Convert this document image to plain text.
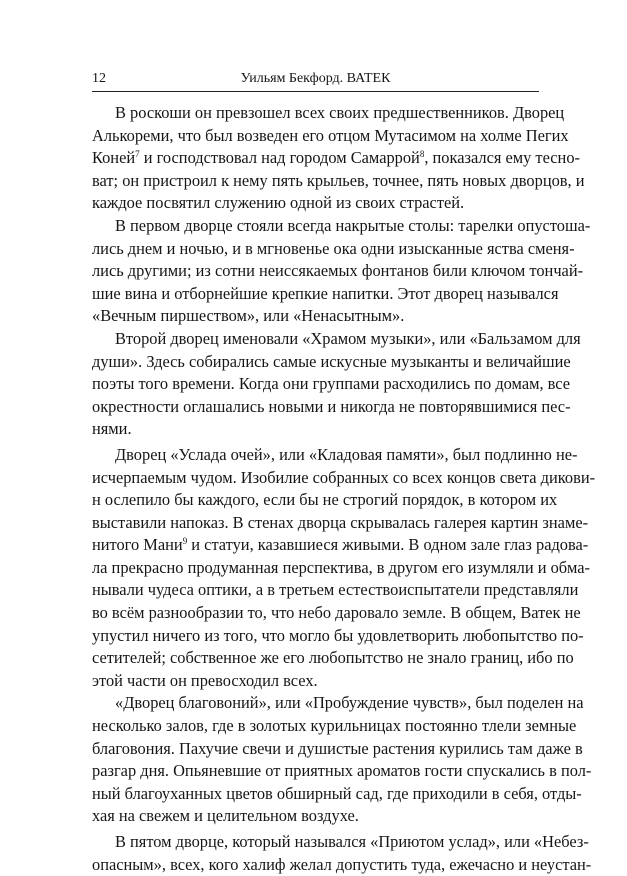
12	Уильям Бекфорд. ВАТЕК
В роскоши он превзошел всех своих предшественников. Дворец
Алькореми, что был возведен его отцом Мутасимом на холме Пегих
Коней$^7$ и господствовал над городом Самаррой$^8$, показался ему тесно-
ват; он пристроил к нему пять крыльев, точнее, пять новых дворцов, и
каждое посвятил служению одной из своих страстей.
В первом дворце стояли всегда накрытые столы: тарелки опустоша-
лись днем и ночью, и в мгновенье ока одни изысканные яства сменя-
лись другими; из сотни неиссякаемых фонтанов били ключом тончай-
шие вина и отборнейшие крепкие напитки. Этот дворец назывался
«Вечным пиршеством», или «Ненасытным».
Второй дворец именовали «Храмом музыки», или «Бальзамом для
души». Здесь собирались самые искусные музыканты и величайшие
поэты того времени. Когда они группами расходились по домам, все
окрестности оглашались новыми и никогда не повторявшимися пес-
нями.
Дворец «Услада очей», или «Кладовая памяти», был подлинно не-
исчерпаемым чудом. Изобилие собранных со всех концов света дикови-
н ослепило бы каждого, если бы не строгий порядок, в котором их
выставили напоказ. В стенах дворца скрывалась галерея картин знаме-
нитого Мани$^9$ и статуи, казавшиеся живыми. В одном зале глаз радова-
ла прекрасно продуманная перспектива, в другом его изумляли и обма-
нывали чудеса оптики, а в третьем естествоиспытатели представляли
во всём разнообразии то, что небо даровало земле. В общем, Ватек не
упустил ничего из того, что могло бы удовлетворить любопытство по-
сетителей; собственное же его любопытство не знало границ, ибо по
этой части он превосходил всех.
«Дворец благовоний», или «Пробуждение чувств», был поделен на
несколько залов, где в золотых курильницах постоянно тлели земные
благовония. Пахучие свечи и душистые растения курились там даже в
разгар дня. Опьяневшие от приятных ароматов гости спускались в пол-
ный благоуханных цветов обширный сад, где приходили в себя, отды-
хая на свежем и целительном воздухе.
В пятом дворце, который назывался «Приютом услад», или «Небез-
опасным», всех, кого халиф желал допустить туда, ежечасно и неустан-
